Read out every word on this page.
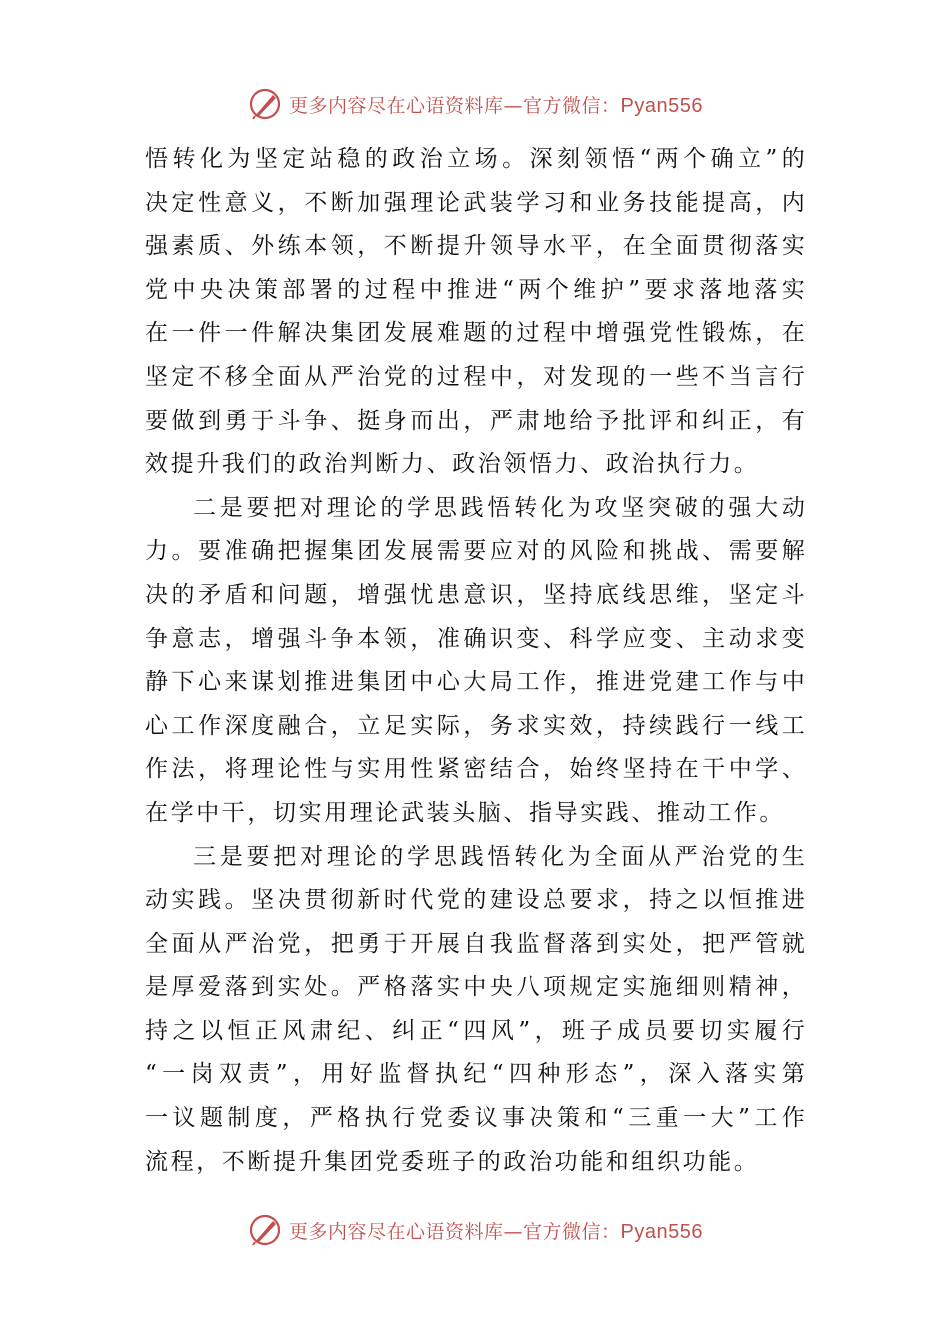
更多内容尽在心语资料库—官方微信：Pyan556
悟 转 化 为 坚 定 站 稳 的 政 治 立 场 。 深 刻 领 悟 “ 两 个 确 立 ” 的
决 定 性 意 义 ， 不 断 加 强 理 论 武 装 学 习 和 业 务 技 能 提 高 ， 内
强 素 质 、 外 练 本 领 ， 不 断 提 升 领 导 水 平 ， 在 全 面 贯 彻 落 实
党 中 央 决 策 部 署 的 过 程 中 推 进 “ 两 个 维 护 ” 要 求 落 地 落 实
在 一 件 一 件 解 决 集 团 发 展 难 题 的 过 程 中 增 强 党 性 锻 炼 ， 在
坚 定 不 移 全 面 从 严 治 党 的 过 程 中 ， 对 发 现 的 一 些 不 当 言 行
要 做 到 勇 于 斗 争 、 挺 身 而 出 ， 严 肃 地 给 予 批 评 和 纠 正 ， 有
效提升我们的政治判断力、政治领悟力、政治执行力。
二 是 要 把 对 理 论 的 学 思 践 悟 转 化 为 攻 坚 突 破 的 强 大 动
力 。 要 准 确 把 握 集 团 发 展 需 要 应 对 的 风 险 和 挑 战 、 需 要 解
决 的 矛 盾 和 问 题 ， 增 强 忧 患 意 识 ， 坚 持 底 线 思 维 ， 坚 定 斗
争 意 志 ， 增 强 斗 争 本 领 ， 准 确 识 变 、 科 学 应 变 、 主 动 求 变
静 下 心 来 谋 划 推 进 集 团 中 心 大 局 工 作 ， 推 进 党 建 工 作 与 中
心 工 作 深 度 融 合 ， 立 足 实 际 ， 务 求 实 效 ， 持 续 践 行 一 线 工
作 法 ， 将 理 论 性 与 实 用 性 紧 密 结 合 ， 始 终 坚 持 在 干 中 学 、
在学中干，切实用理论武装头脑、指导实践、推动工作。
三 是 要 把 对 理 论 的 学 思 践 悟 转 化 为 全 面 从 严 治 党 的 生
动 实 践 。 坚 决 贯 彻 新 时 代 党 的 建 设 总 要 求 ， 持 之 以 恒 推 进
全 面 从 严 治 党 ， 把 勇 于 开 展 自 我 监 督 落 到 实 处 ， 把 严 管 就
是 厚 爱 落 到 实 处 。 严 格 落 实 中 央 八 项 规 定 实 施 细 则 精 神 ，
持 之 以 恒 正 风 肃 纪 、 纠 正 “ 四 风 ” ， 班 子 成 员 要 切 实 履 行
“ 一 岗 双 责 ” ， 用 好 监 督 执 纪 “ 四 种 形 态 ” ， 深 入 落 实 第
一 议 题 制 度 ， 严 格 执 行 党 委 议 事 决 策 和 “ 三 重 一 大 ” 工 作
流程，不断提升集团党委班子的政治功能和组织功能。
更多内容尽在心语资料库—官方微信：Pyan556
